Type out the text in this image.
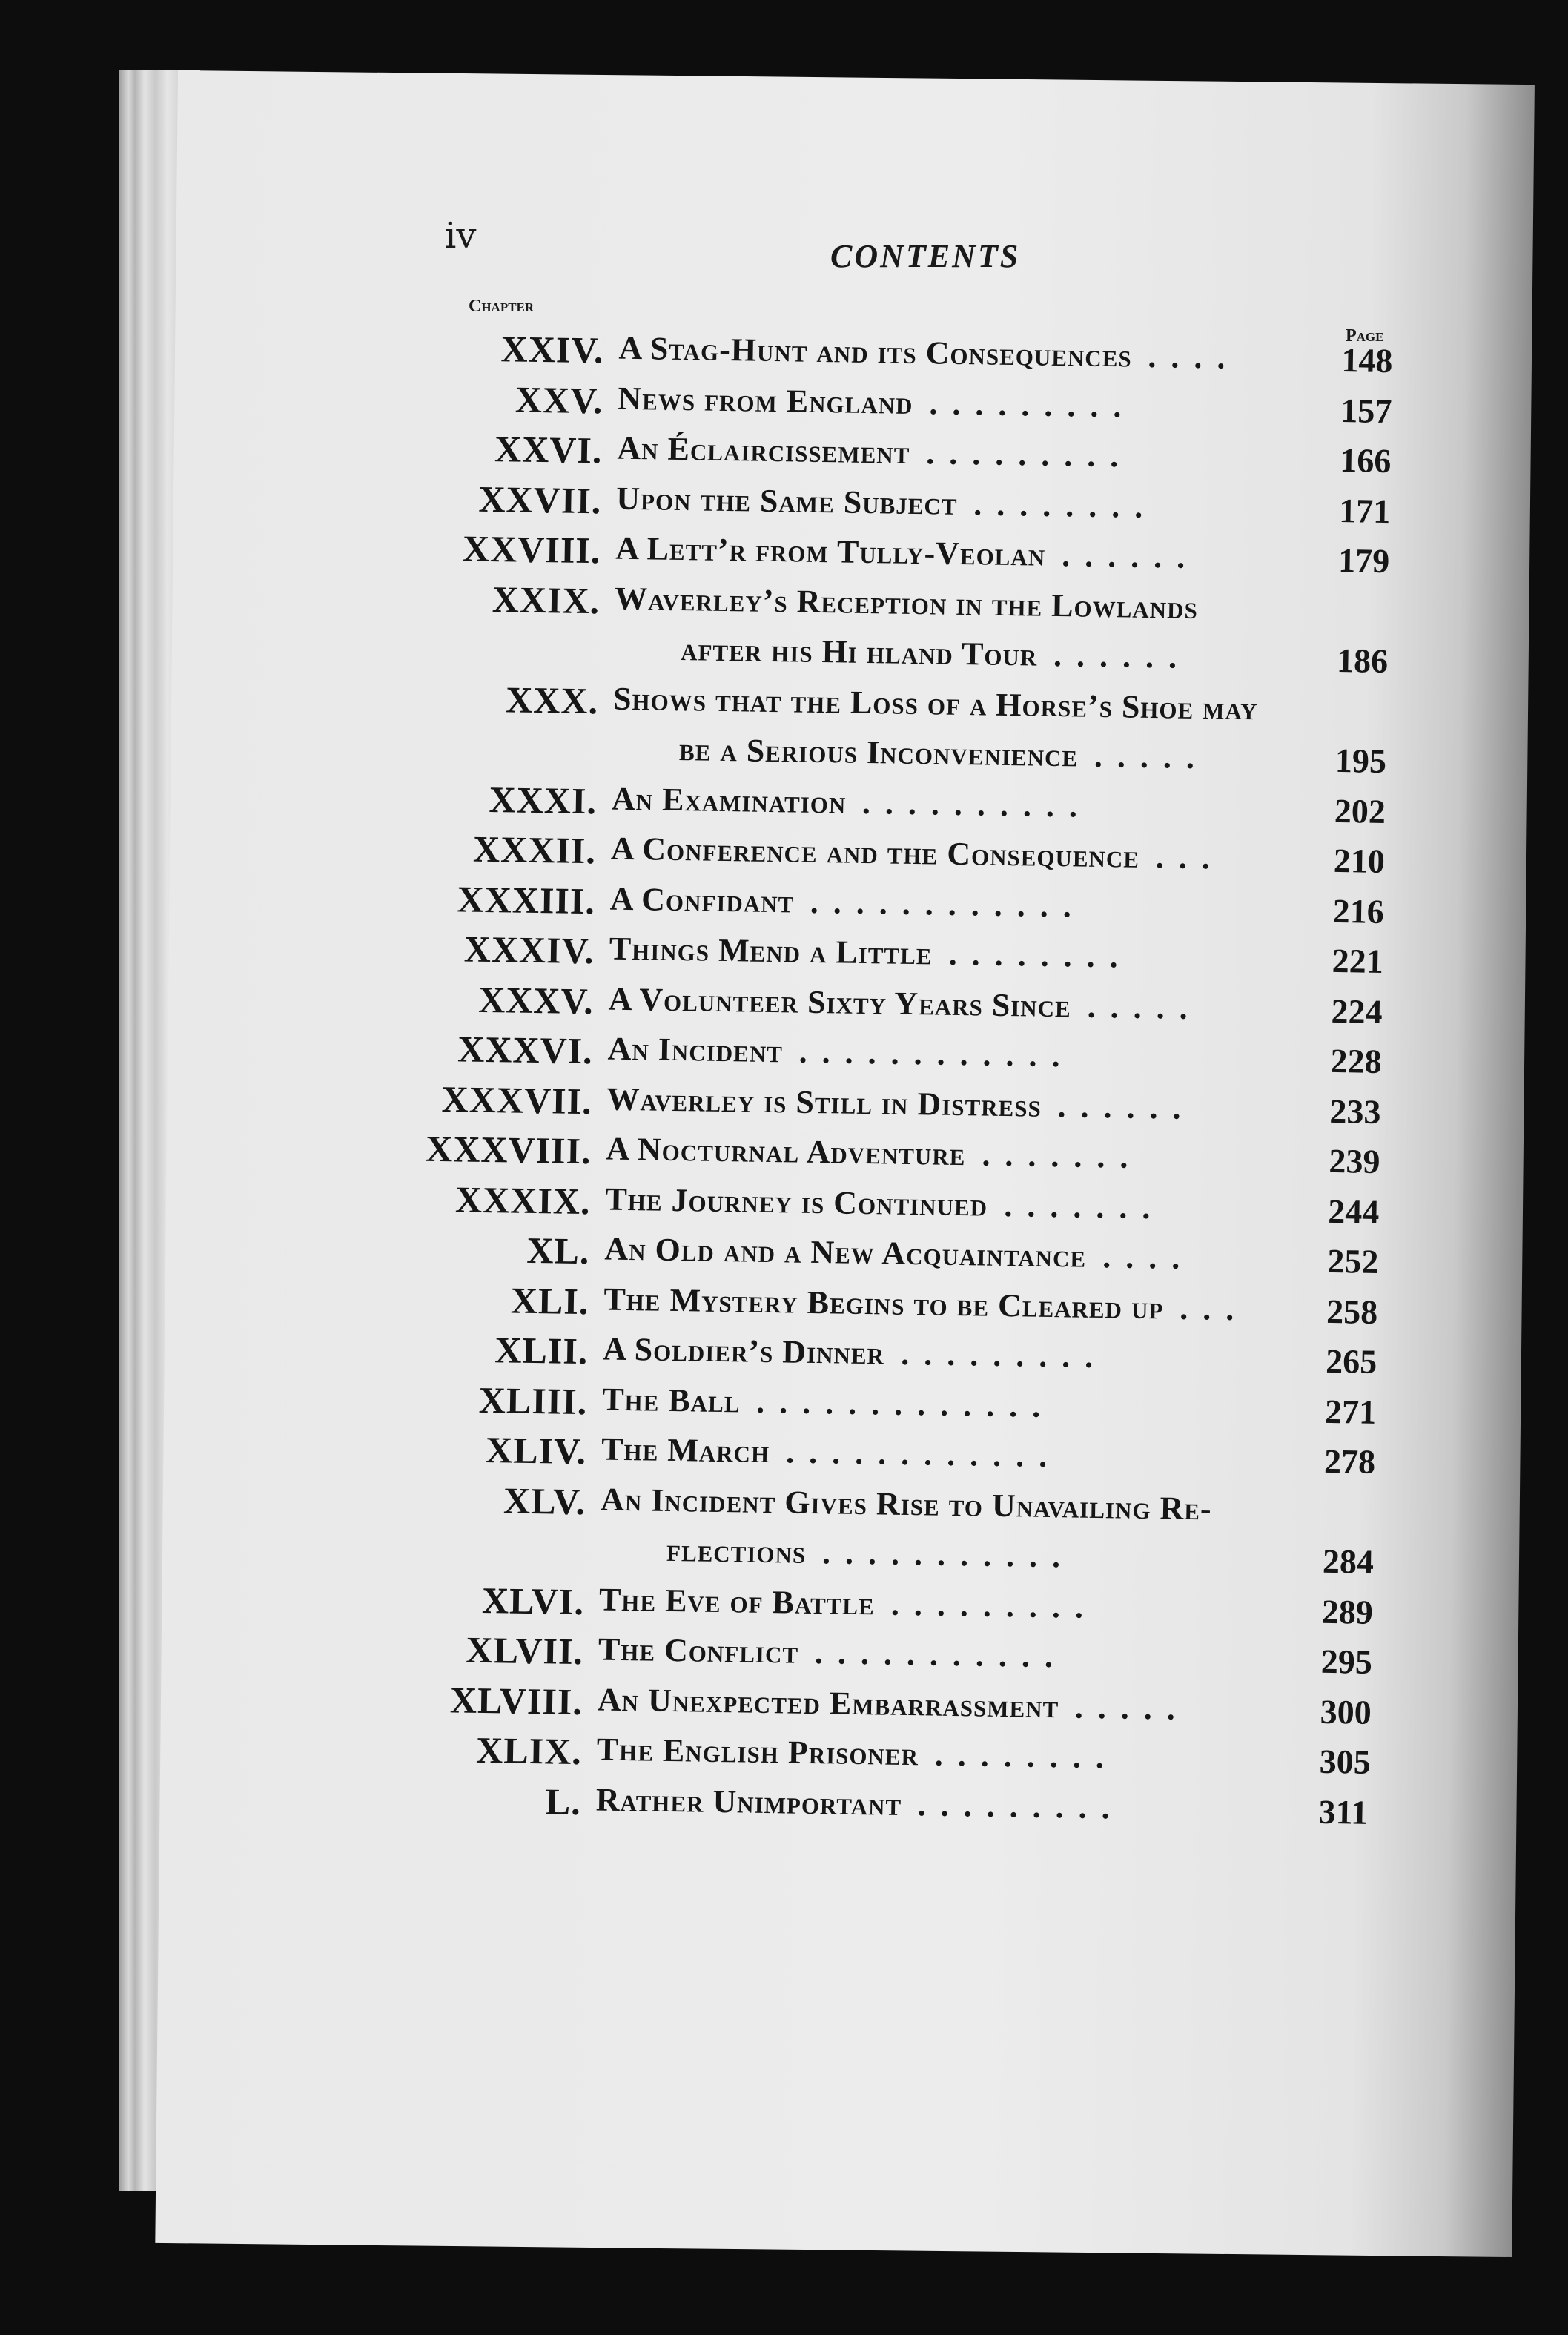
iv	CONTENTS
Chapter
Page
XXIV. A Stag-Hunt and its Consequences	148
....
XXV. News from England	157
.........
XXVI. An Éclaircissement	166
.........
XXVII. Upon the Same Subject	171
........
XXVIII. A Lett’r from Tully-Veolan	179
......
XXIX. Waverley’s Reception in the Lowlands
after his Hi hland Tour	186
......
XXX. Shows that the Loss of a Horse’s Shoe may
be a Serious Inconvenience	195
.....
XXXI. An Examination	202
..........
XXXII. A Conference and the Consequence	210
...
XXXIII. A Confidant	216
............
XXXIV. Things Mend a Little	221
........
XXXV. A Volunteer Sixty Years Since	224
.....
XXXVI. An Incident	228
............
XXXVII. Waverley is Still in Distress	233
......
XXXVIII. A Nocturnal Adventure	239
.......
XXXIX. The Journey is Continued	244
.......
XL. An Old and a New Acquaintance	252
....
XLI. The Mystery Begins to be Cleared up	258
...
XLII. A Soldier’s Dinner	265
.........
XLIII. The Ball	271
.............
XLIV. The March	278
............
XLV. An Incident Gives Rise to Unavailing Re-
flections	284
...........
XLVI. The Eve of Battle	289
.........
XLVII. The Conflict	295
...........
XLVIII. An Unexpected Embarrassment	300
.....
XLIX. The English Prisoner	305
........
L. Rather Unimportant	311
.........
